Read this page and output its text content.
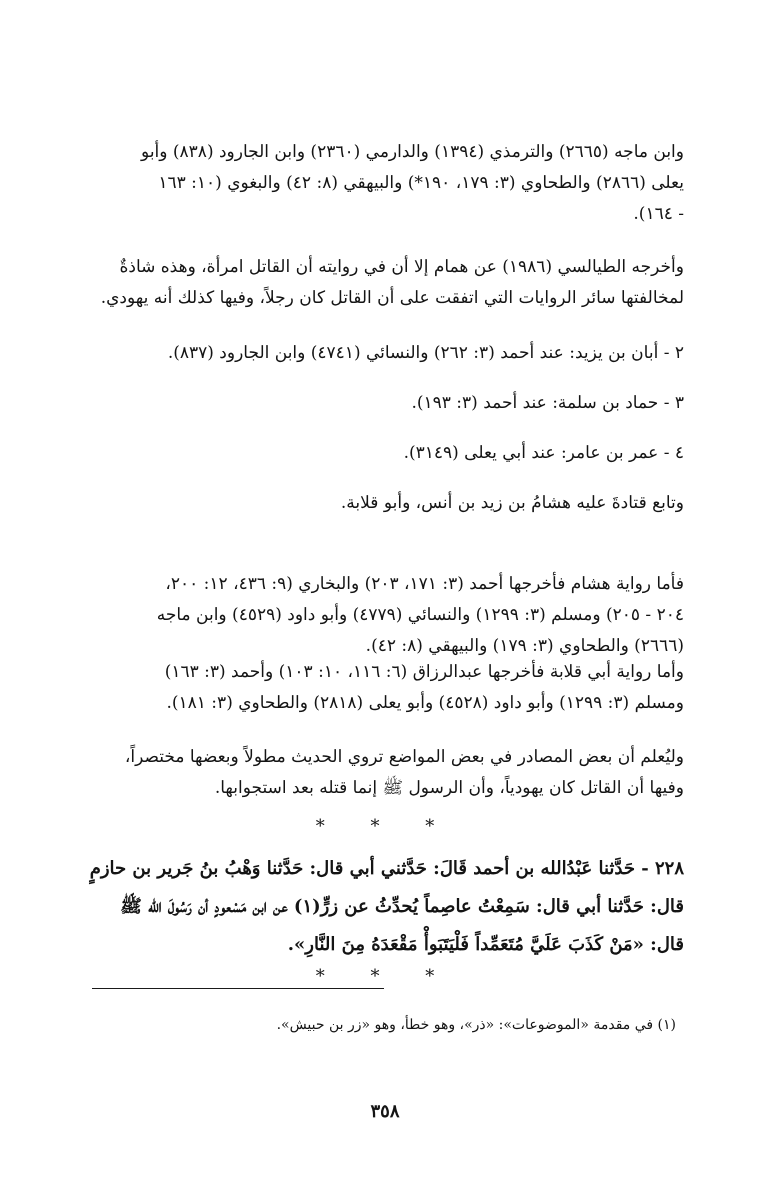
وابن ماجه (٢٦٦٥) والترمذي (١٣٩٤) والدارمي (٢٣٦٠) وابن الجارود (٨٣٨) وأبو
يعلى (٢٨٦٦) والطحاوي (٣: ١٧٩، ١٩٠*) والبيهقي (٨: ٤٢) والبغوي (١٠: ١٦٣
- ١٦٤).

وأخرجه الطيالسي (١٩٨٦) عن همام إلا أن في روايته أن القاتل امرأة، وهذه شاذةٌ
لمخالفتها سائر الروايات التي اتفقت على أن القاتل كان رجلاً، وفيها كذلك أنه يهودي.

٢ - أبان بن يزيد: عند أحمد (٣: ٢٦٢) والنسائي (٤٧٤١) وابن الجارود (٨٣٧).

٣ - حماد بن سلمة: عند أحمد (٣: ١٩٣).

٤ - عمر بن عامر: عند أبي يعلى (٣١٤٩).

وتابع قتادةَ عليه هشامُ بن زيد بن أنس، وأبو قلابة.

فأما رواية هشام فأخرجها أحمد (٣: ١٧١، ٢٠٣) والبخاري (٩: ٤٣٦، ١٢: ٢٠٠،
٢٠٤ - ٢٠٥) ومسلم (٣: ١٢٩٩) والنسائي (٤٧٧٩) وأبو داود (٤٥٢٩) وابن ماجه
(٢٦٦٦) والطحاوي (٣: ١٧٩) والبيهقي (٨: ٤٢).

وأما رواية أبي قلابة فأخرجها عبدالرزاق (٦: ١١٦، ١٠: ١٠٣) وأحمد (٣: ١٦٣)
ومسلم (٣: ١٢٩٩) وأبو داود (٤٥٢٨) وأبو يعلى (٢٨١٨) والطحاوي (٣: ١٨١).

وليُعلم أن بعض المصادر في بعض المواضع تروي الحديث مطولاً وبعضها مختصراً،
وفيها أن القاتل كان يهودياً، وأن الرسول ﷺ إنما قتله بعد استجوابها.

* * *

٢٢٨ - حَدَّثنا عَبْدُالله بن أحمد قَالَ: حَدَّثني أبي قال: حَدَّثنا وَهْبُ بنُ جَرير بن حازمٍ
قال: حَدَّثنا أبي قال: سَمِعْتُ عاصِماً يُحدِّثُ عن زرٍّ(١) عن ابن مَسْعودٍ أن رَسُولَ الله ﷺ
قال: «مَنْ كَذَبَ عَلَيَّ مُتَعَمِّداً فَلْيَتَبَوأْ مَقْعَدَهُ مِنَ النَّارِ».

* * *

(١) في مقدمة «الموضوعات»: «ذر»، وهو خطأ، وهو «زر بن حبيش».

٣٥٨
